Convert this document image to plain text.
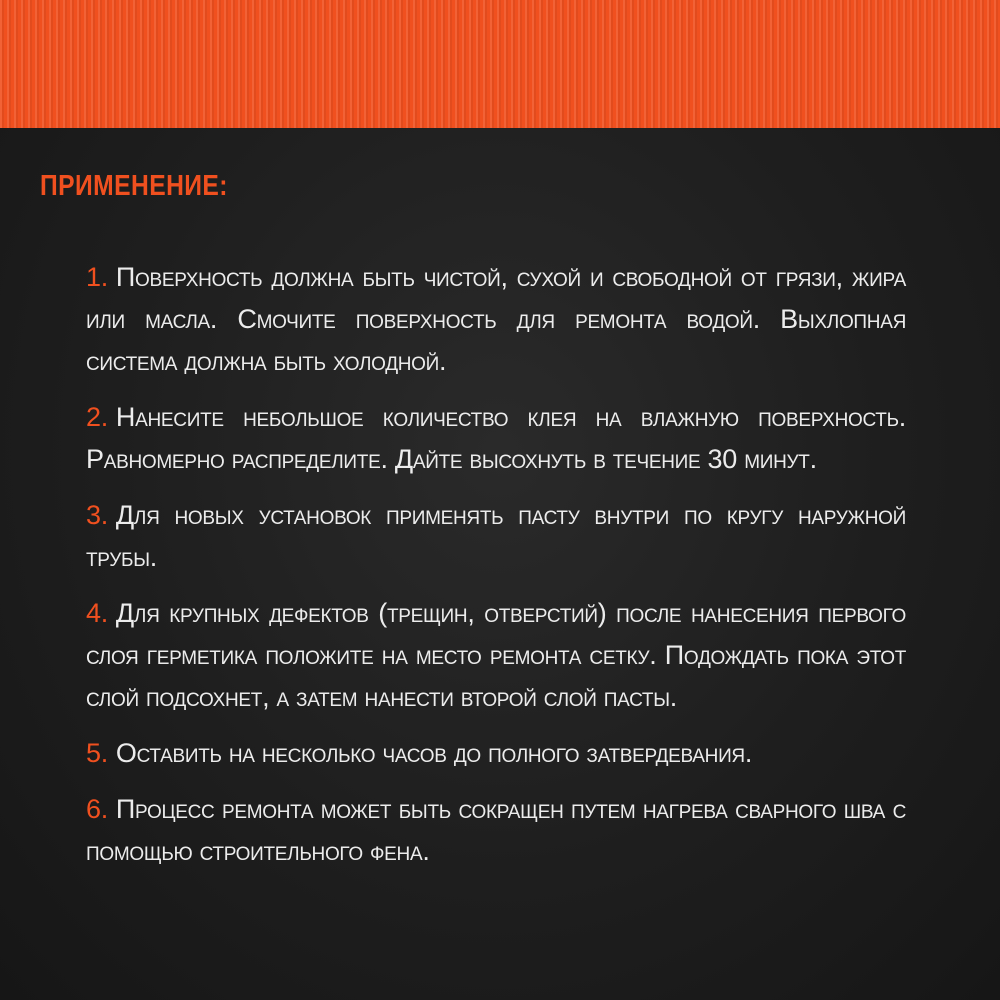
ПРИМЕНЕНИЕ:
1. Поверхность должна быть чистой, сухой и свободной от грязи, жира или масла. Смочите поверхность для ремонта водой. Выхлопная система должна быть холодной.
2. Нанесите небольшое количество клея на влажную поверхность. Равномерно распределите. Дайте высохнуть в течение 30 минут.
3. Для новых установок применять пасту внутри по кругу наружной трубы.
4. Для крупных дефектов (трещин, отверстий) после нанесения первого слоя герметика положите на место ремонта сетку. Подождать пока этот слой подсохнет, а затем нанести второй слой пасты.
5. Оставить на несколько часов до полного затвердевания.
6. Процесс ремонта может быть сокращен путем нагрева сварного шва с помощью строительного фена.
